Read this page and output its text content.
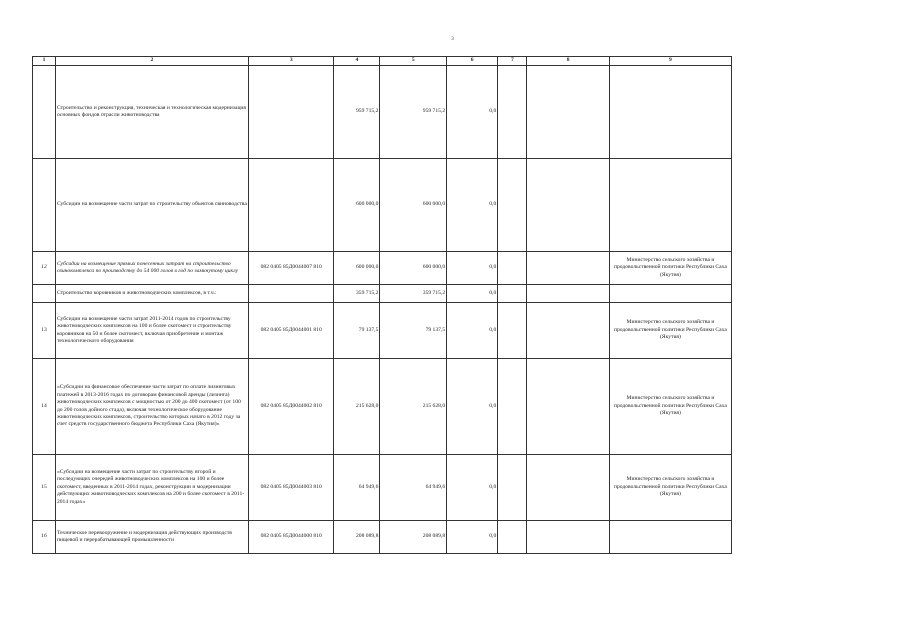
3
1	2	3	4	5	6	7	8	9
	Строительство и реконструкция, техническая и технологическая модернизация основных фондов отрасли животноводства		959 715,2	959 715,2	0,0			
	Субсидии на возмещение части затрат по строительству объектов свиноводства		600 000,0	600 000,0	0,0			
12	Субсидии на возмещение прямых понесенных затрат на строительство свинокомплекса по производству до 54 000 голов в год по замкнутому циклу	082 0405 85Д0044007 810	600 000,0	600 000,0	0,0			Министерство сельского хозяйства и продовольственной политики Республики Саха (Якутия)
	Строительство коровников и животноводческих комплексов, в т.ч.:		359 715,2	359 715,2	0,0			
13	Субсидии на возмещение части затрат 2011-2014 годов по строительству животноводческих комплексов на 100 и более скотомест и строительству коровников на 50 и более скотомест, включая приобретение и монтаж технологического оборудования	082 0405 85Д0044001 810	79 137,5	79 137,5	0,0			Министерство сельского хозяйства и продовольственной политики Республики Саха (Якутия)
14	«Субсидии на финансовое обеспечение части затрат по оплате лизинговых платежей в 2013-2016 годах по договорам финансовой аренды (лизинга) животноводческих комплексов с мощностью от 200 до 400 скотомест (от 100 до 200 голов дойного стада), включая технологическое оборудование животноводческих комплексов, строительство которых начато в 2012 году за счет средств государственного бюджета Республики Саха (Якутия)»	082 0405 85Д0044002 810	215 628,0	215 628,0	0,0			Министерство сельского хозяйства и продовольственной политики Республики Саха (Якутия)
15	«Субсидии на возмещение части затрат по строительству второй и последующих очередей животноводческих комплексов на 100 и более скотомест, введенных в 2011-2014 годах, реконструкции и модернизации действующих животноводческих комплексов на 200 и более скотомест в 2011-2014 годах»	082 0405 85Д0044003 810	64 949,6	64 949,6	0,0			Министерство сельского хозяйства и продовольственной политики Республики Саха (Якутия)
16	Техническое перевооружение и модернизация действующих производств пищевой и перерабатывающей промышленности	082 0405 85Д0044000 810	208 089,8	208 089,8	0,0			
